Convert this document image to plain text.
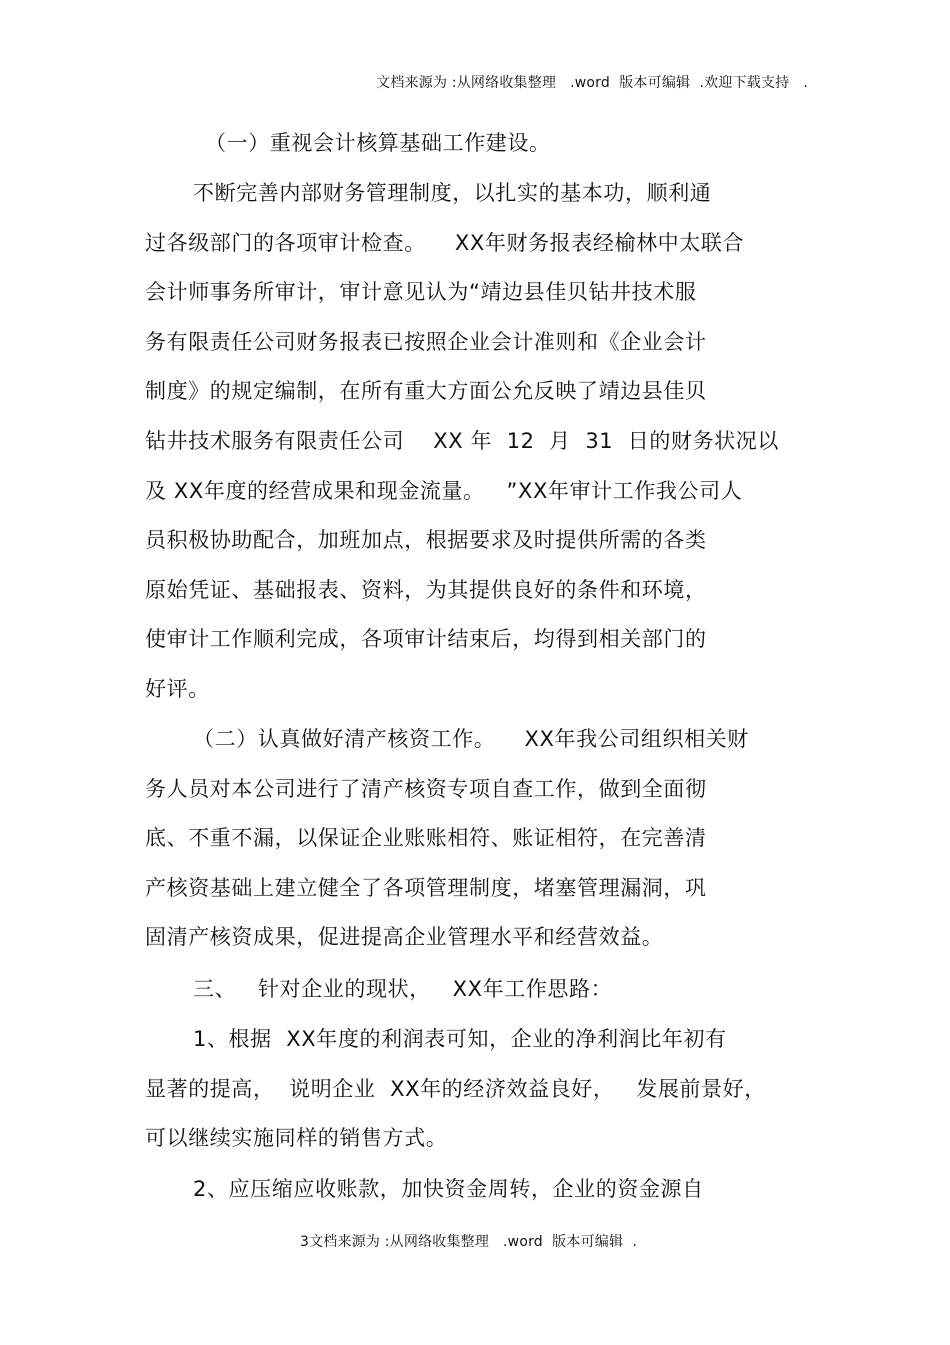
文档来源为 :从网络收集整理   .word  版本可编辑  .欢迎下载支持   .
（一）重视会计核算基础工作建设。
不断完善内部财务管理制度，以扎实的基本功，顺利通
过各级部门的各项审计检查。    XX年财务报表经榆林中太联合
会计师事务所审计，审计意见认为“靖边县佳贝钻井技术服
务有限责任公司财务报表已按照企业会计准则和《企业会计
制度》的规定编制，在所有重大方面公允反映了靖边县佳贝
钻井技术服务有限责任公司    XX 年  12  月  31  日的财务状况以
及 XX年度的经营成果和现金流量。   ”XX年审计工作我公司人
员积极协助配合，加班加点，根据要求及时提供所需的各类
原始凭证、基础报表、资料，为其提供良好的条件和环境，
使审计工作顺利完成，各项审计结束后，均得到相关部门的
好评。
（二）认真做好清产核资工作。    XX年我公司组织相关财
务人员对本公司进行了清产核资专项自查工作，做到全面彻
底、不重不漏，以保证企业账账相符、账证相符，在完善清
产核资基础上建立健全了各项管理制度，堵塞管理漏洞，巩
固清产核资成果，促进提高企业管理水平和经营效益。
三、   针对企业的现状，   XX年工作思路：
1、根据  XX年度的利润表可知，企业的净利润比年初有
显著的提高，  说明企业  XX年的经济效益良好，   发展前景好，
可以继续实施同样的销售方式。
2、应压缩应收账款，加快资金周转，企业的资金源自
3文档来源为 :从网络收集整理   .word  版本可编辑  .
